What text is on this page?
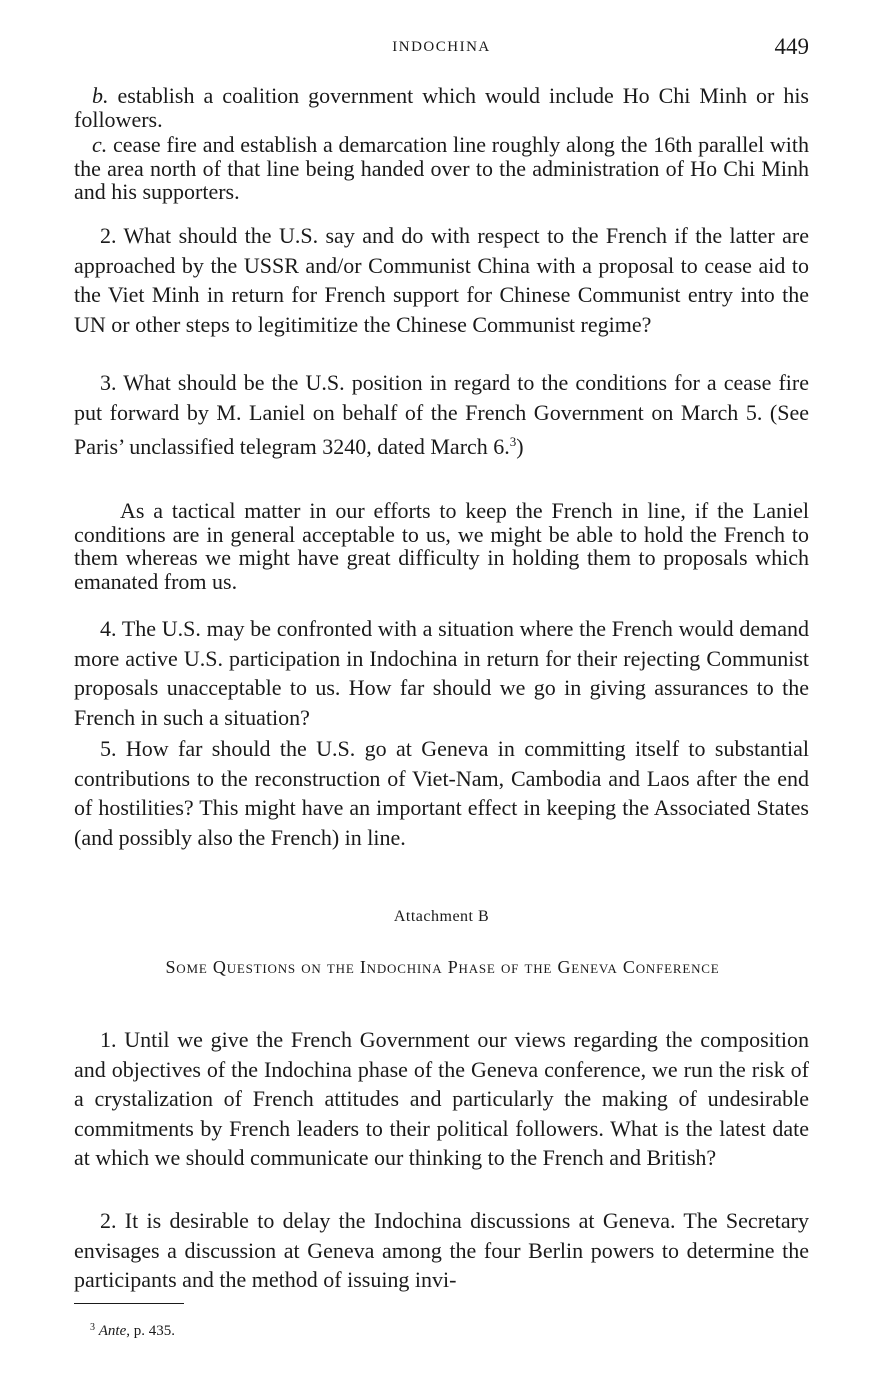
INDOCHINA	449

b. establish a coalition government which would include Ho Chi Minh or his followers.

c. cease fire and establish a demarcation line roughly along the 16th parallel with the area north of that line being handed over to the administration of Ho Chi Minh and his supporters.

2. What should the U.S. say and do with respect to the French if the latter are approached by the USSR and/or Communist China with a proposal to cease aid to the Viet Minh in return for French support for Chinese Communist entry into the UN or other steps to legitimitize the Chinese Communist regime?

3. What should be the U.S. position in regard to the conditions for a cease fire put forward by M. Laniel on behalf of the French Government on March 5. (See Paris’ unclassified telegram 3240, dated March 6.$^3$)

As a tactical matter in our efforts to keep the French in line, if the Laniel conditions are in general acceptable to us, we might be able to hold the French to them whereas we might have great difficulty in holding them to proposals which emanated from us.

4. The U.S. may be confronted with a situation where the French would demand more active U.S. participation in Indochina in return for their rejecting Communist proposals unacceptable to us. How far should we go in giving assurances to the French in such a situation?

5. How far should the U.S. go at Geneva in committing itself to substantial contributions to the reconstruction of Viet-Nam, Cambodia and Laos after the end of hostilities? This might have an important effect in keeping the Associated States (and possibly also the French) in line.

Attachment B
Some Questions on the Indochina Phase of the Geneva Conference

1. Until we give the French Government our views regarding the composition and objectives of the Indochina phase of the Geneva conference, we run the risk of a crystalization of French attitudes and particularly the making of undesirable commitments by French leaders to their political followers. What is the latest date at which we should communicate our thinking to the French and British?

2. It is desirable to delay the Indochina discussions at Geneva. The Secretary envisages a discussion at Geneva among the four Berlin powers to determine the participants and the method of issuing invi-

$^3$ Ante, p. 435.
